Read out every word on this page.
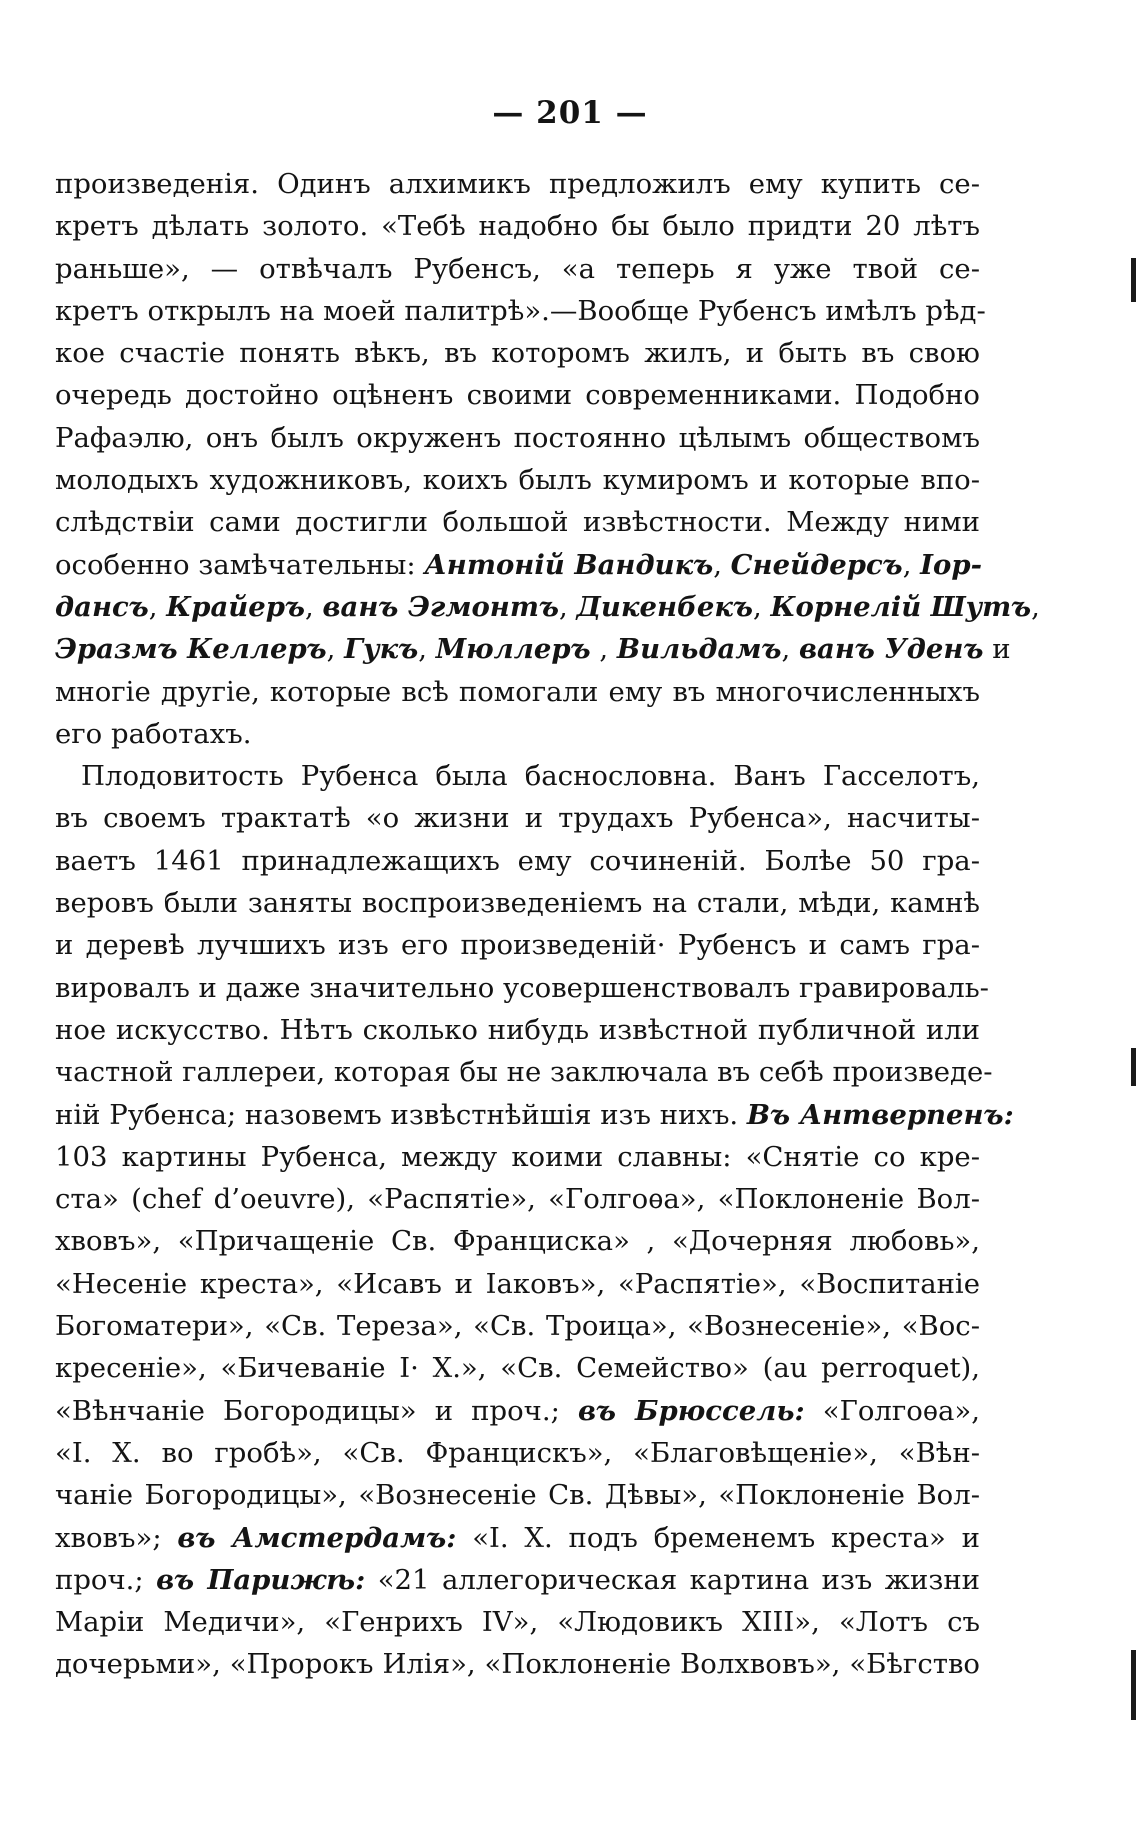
— 201 —
произведенія. Одинъ алхимикъ предложилъ ему купить се-
кретъ дѣлать золото. «Тебѣ надобно бы было придти 20 лѣтъ
раньше», — отвѣчалъ Рубенсъ, «а теперь я уже твой се-
кретъ открылъ на моей палитрѣ».—Вообще Рубенсъ имѣлъ рѣд-
кое счастіе понять вѣкъ, въ которомъ жилъ, и быть въ свою
очередь достойно оцѣненъ своими современниками. Подобно
Рафаэлю, онъ былъ окруженъ постоянно цѣлымъ обществомъ
молодыхъ художниковъ, коихъ былъ кумиромъ и которые впо-
слѣдствіи сами достигли большой извѣстности. Между ними
особенно замѣчательны: Антоній Вандикъ, Снейдерсъ, Іор-
дансъ, Крайеръ, ванъ Эгмонтъ, Дикенбекъ, Корнелій Шутъ,
Эразмъ Келлеръ, Гукъ, Мюллеръ , Вильдамъ, ванъ Уденъ и
многіе другіе, которые всѣ помогали ему въ многочисленныхъ
его работахъ.
Плодовитость Рубенса была баснословна. Ванъ Гасселотъ,
въ своемъ трактатѣ «о жизни и трудахъ Рубенса», насчиты-
ваетъ 1461 принадлежащихъ ему сочиненій. Болѣе 50 гра-
веровъ были заняты воспроизведеніемъ на стали, мѣди, камнѣ
и деревѣ лучшихъ изъ его произведеній· Рубенсъ и самъ гра-
вировалъ и даже значительно усовершенствовалъ гравироваль-
ное искусство. Нѣтъ сколько нибудь извѣстной публичной или
частной галлереи, которая бы не заключала въ себѣ произведе-
ній Рубенса; назовемъ извѣстнѣйшія изъ нихъ. Въ Антверпенъ:
103 картины Рубенса, между коими славны: «Снятіе со кре-
ста» (chef d’oeuvre), «Распятіе», «Голгоѳа», «Поклоненіе Вол-
хвовъ», «Причащеніе Св. Франциска» , «Дочерняя любовь»,
«Несеніе креста», «Исавъ и Іаковъ», «Распятіе», «Воспитаніе
Богоматери», «Св. Тереза», «Св. Троица», «Вознесеніе», «Вос-
кресеніе», «Бичеваніе І· Х.», «Св. Семейство» (au perroquet),
«Вѣнчаніе Богородицы» и проч.; въ Брюссель: «Голгоѳа»,
«І. Х. во гробѣ», «Св. Францискъ», «Благовѣщеніе», «Вѣн-
чаніе Богородицы», «Вознесеніе Св. Дѣвы», «Поклоненіе Вол-
хвовъ»; въ Амстердамъ: «І. Х. подъ бременемъ креста» и
проч.; въ Парижѣ: «21 аллегорическая картина изъ жизни
Маріи Медичи», «Генрихъ IV», «Людовикъ XIII», «Лотъ съ
дочерьми», «Пророкъ Илія», «Поклоненіе Волхвовъ», «Бѣгство
